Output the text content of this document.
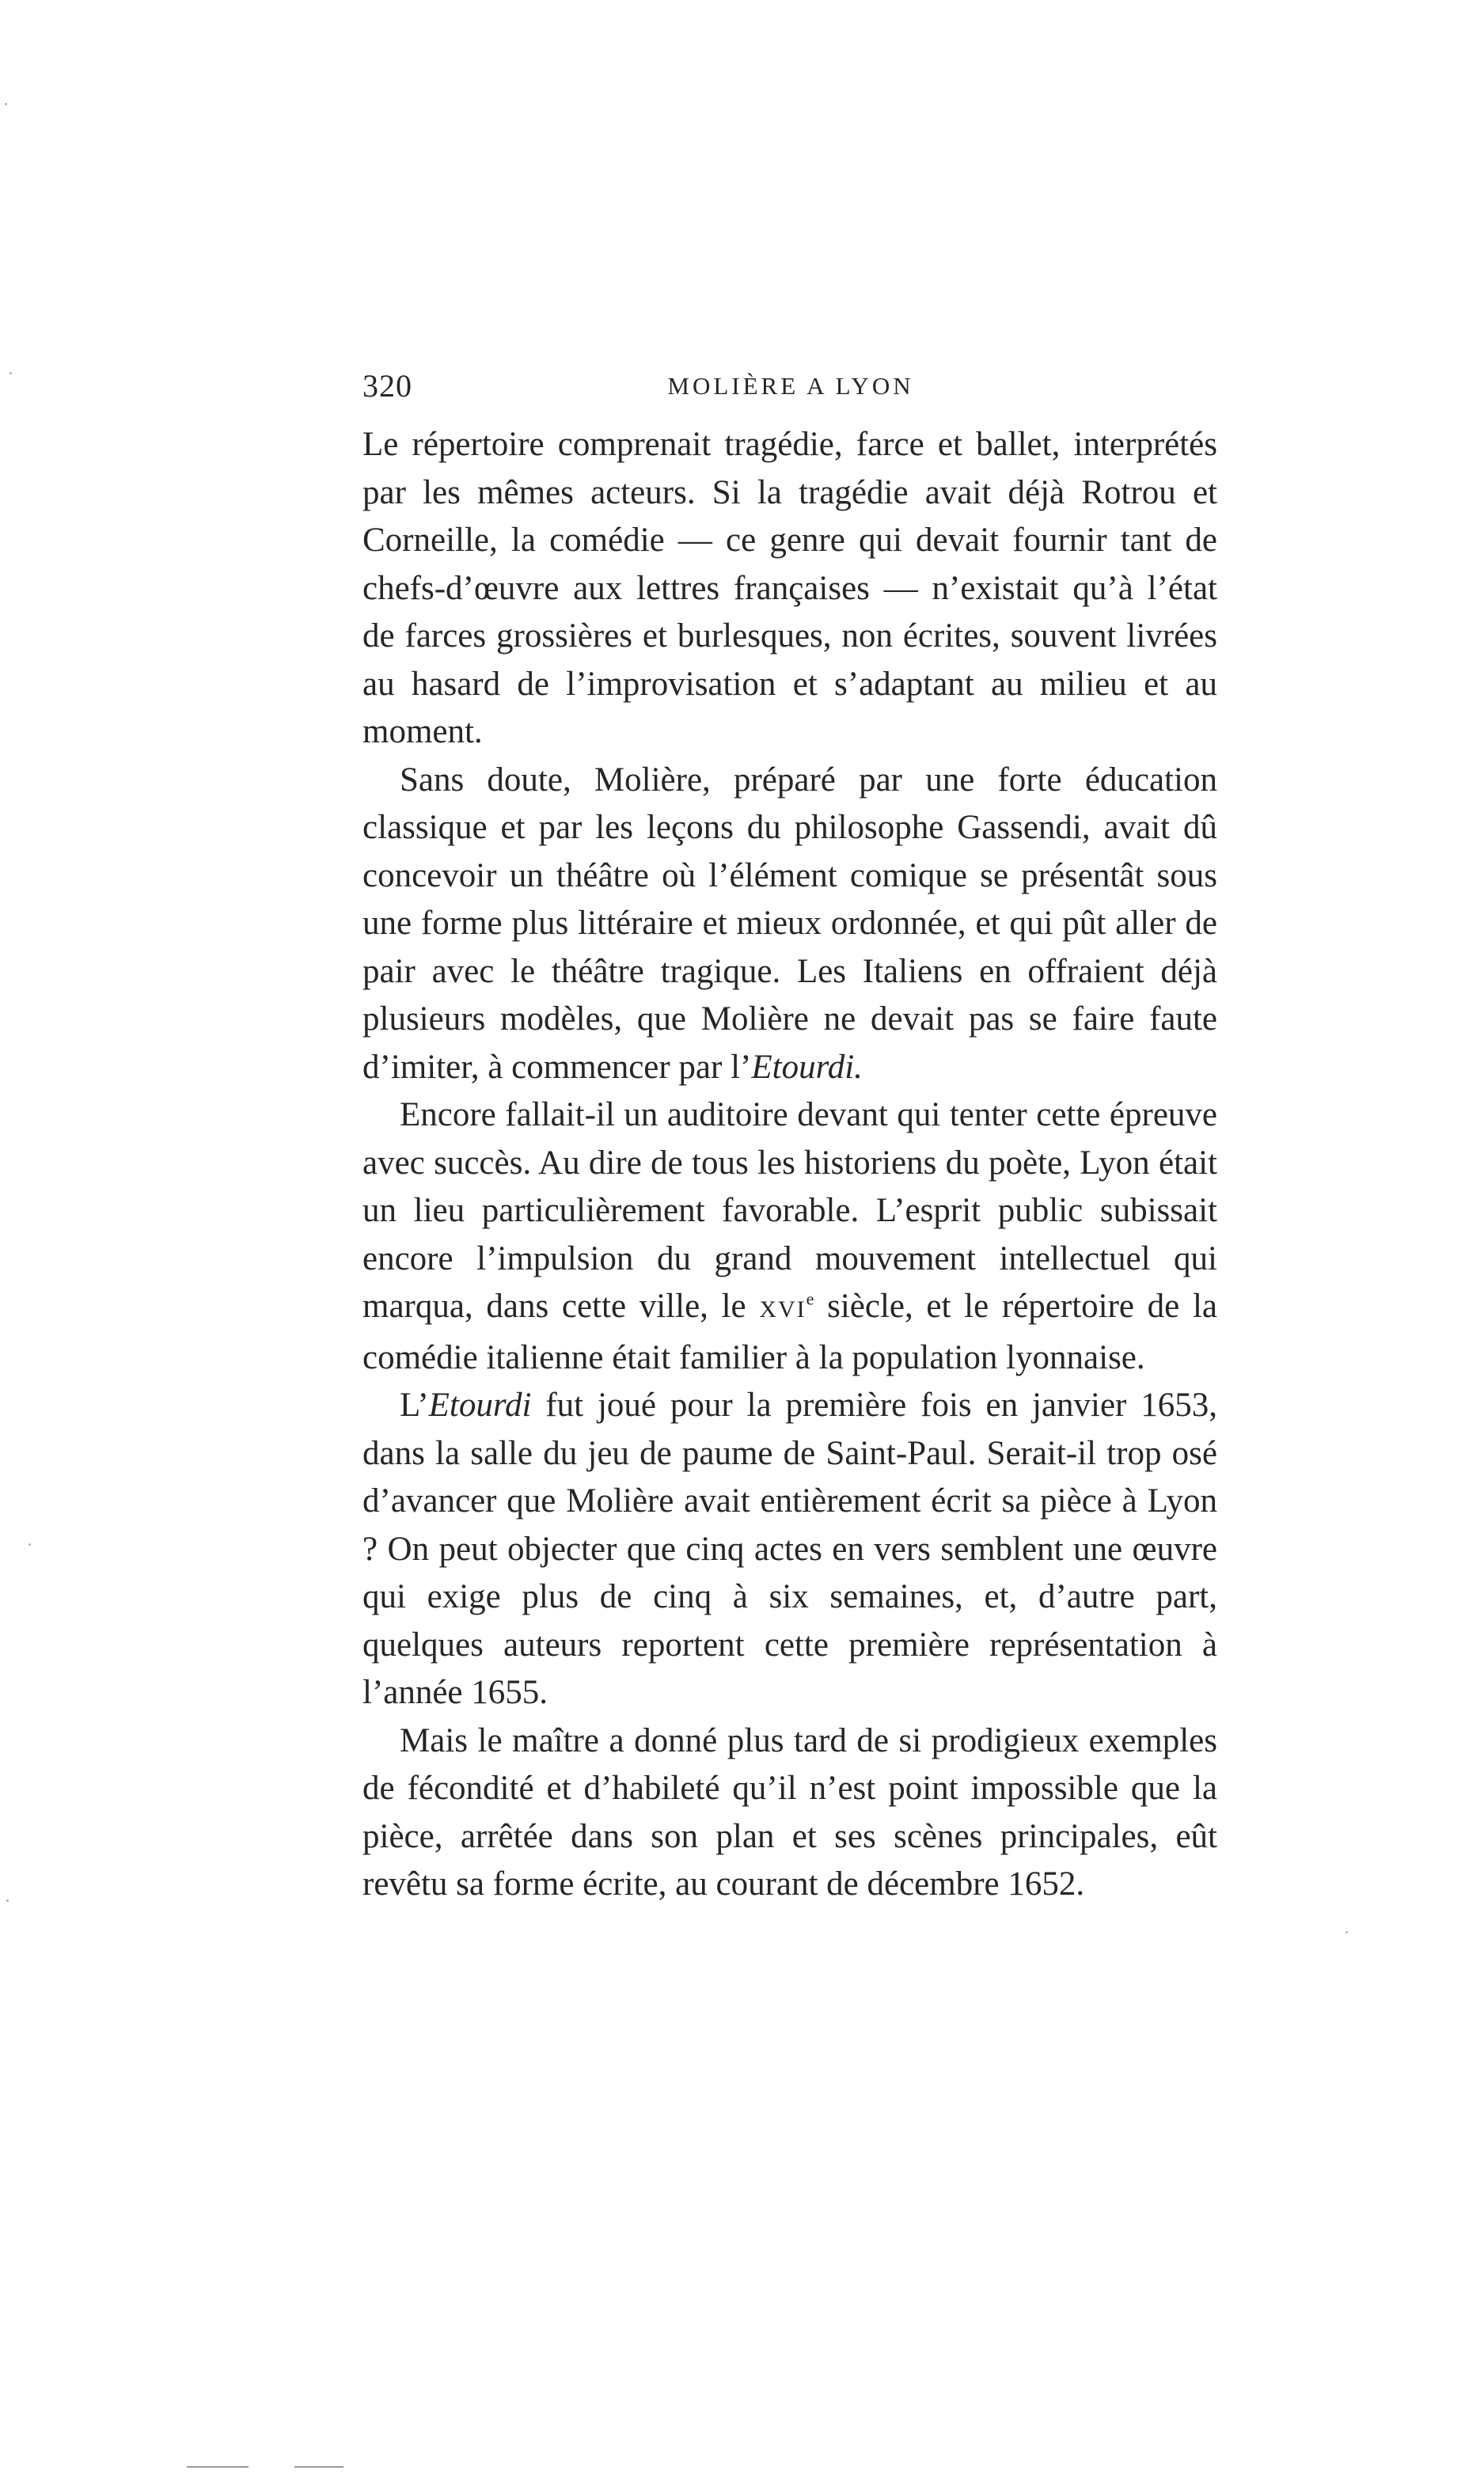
320	MOLIÈRE A LYON

Le répertoire comprenait tragédie, farce et ballet, interprétés par les mêmes acteurs. Si la tragédie avait déjà Rotrou et Corneille, la comédie — ce genre qui devait fournir tant de chefs-d’œuvre aux lettres françaises — n’existait qu’à l’état de farces grossières et burlesques, non écrites, souvent livrées au hasard de l’improvisation et s’adaptant au milieu et au moment.

Sans doute, Molière, préparé par une forte éducation classique et par les leçons du philosophe Gassendi, avait dû concevoir un théâtre où l’élément comique se présentât sous une forme plus littéraire et mieux ordonnée, et qui pût aller de pair avec le théâtre tragique. Les Italiens en offraient déjà plusieurs modèles, que Molière ne devait pas se faire faute d’imiter, à commencer par l’Etourdi.

Encore fallait-il un auditoire devant qui tenter cette épreuve avec succès. Au dire de tous les historiens du poète, Lyon était un lieu particulièrement favorable. L’esprit public subissait encore l’impulsion du grand mouvement intellectuel qui marqua, dans cette ville, le XVIe siècle, et le répertoire de la comédie italienne était familier à la population lyonnaise.

L’Etourdi fut joué pour la première fois en janvier 1653, dans la salle du jeu de paume de Saint-Paul. Serait-il trop osé d’avancer que Molière avait entièrement écrit sa pièce à Lyon ? On peut objecter que cinq actes en vers semblent une œuvre qui exige plus de cinq à six semaines, et, d’autre part, quelques auteurs reportent cette première représentation à l’année 1655.

Mais le maître a donné plus tard de si prodigieux exemples de fécondité et d’habileté qu’il n’est point impossible que la pièce, arrêtée dans son plan et ses scènes principales, eût revêtu sa forme écrite, au courant de décembre 1652.
